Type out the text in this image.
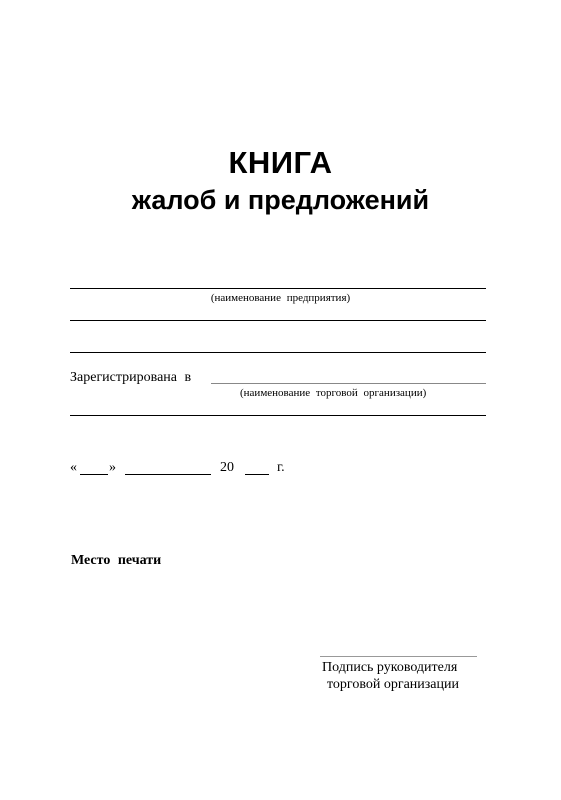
КНИГА
жалоб и предложений
(наименование предприятия)
Зарегистрирована в
(наименование торговой организации)
« »	20	г.
Место печати
Подпись руководителя
торговой организации
